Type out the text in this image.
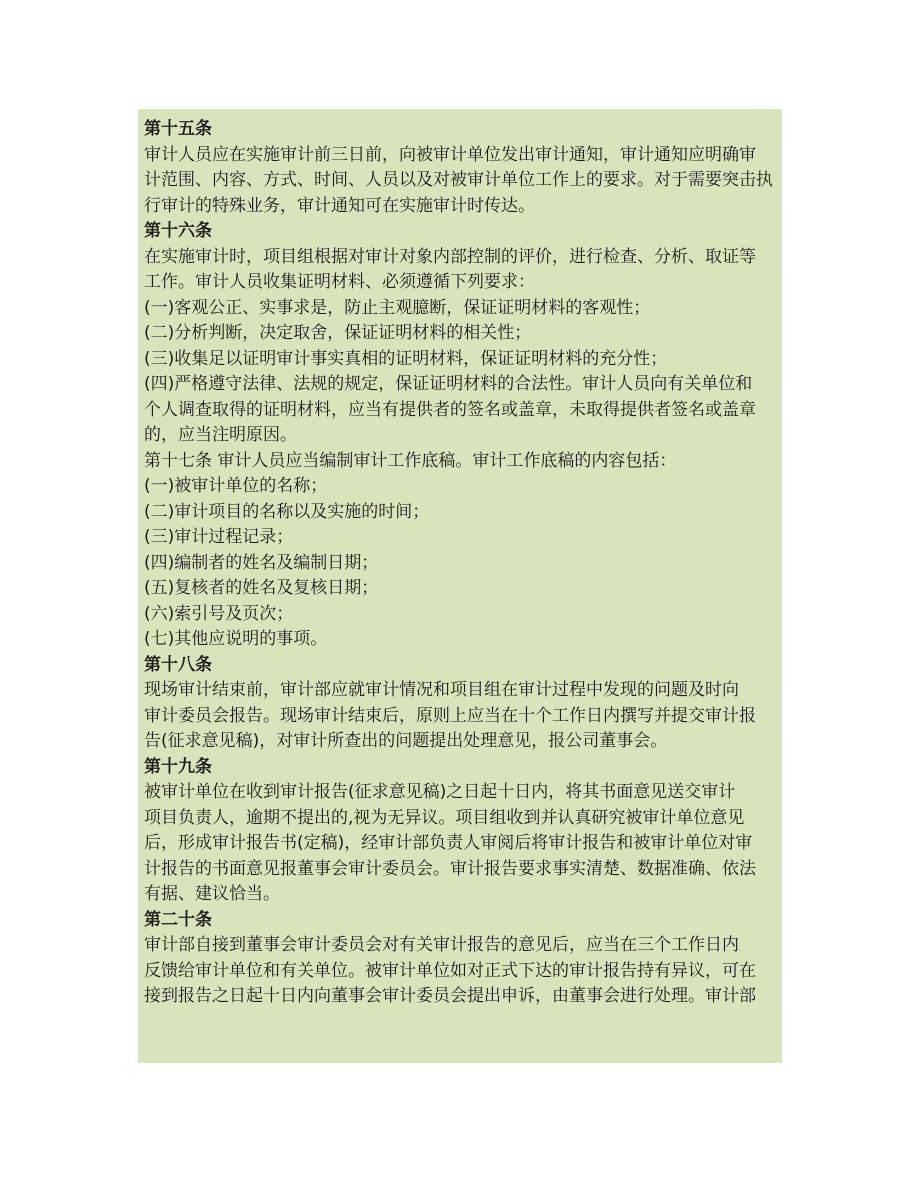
第十五条
审计人员应在实施审计前三日前，向被审计单位发出审计通知，审计通知应明确审
计范围、内容、方式、时间、人员以及对被审计单位工作上的要求。对于需要突击执
行审计的特殊业务，审计通知可在实施审计时传达。
第十六条
在实施审计时，项目组根据对审计对象内部控制的评价，进行检查、分析、取证等
工作。审计人员收集证明材料、必须遵循下列要求：
(一)客观公正、实事求是，防止主观臆断，保证证明材料的客观性；
(二)分析判断，决定取舍，保证证明材料的相关性；
(三)收集足以证明审计事实真相的证明材料，保证证明材料的充分性；
(四)严格遵守法律、法规的规定，保证证明材料的合法性。审计人员向有关单位和
个人调查取得的证明材料，应当有提供者的签名或盖章，未取得提供者签名或盖章
的，应当注明原因。
第十七条 审计人员应当编制审计工作底稿。审计工作底稿的内容包括：
(一)被审计单位的名称；
(二)审计项目的名称以及实施的时间；
(三)审计过程记录；
(四)编制者的姓名及编制日期；
(五)复核者的姓名及复核日期；
(六)索引号及页次；
(七)其他应说明的事项。
第十八条
现场审计结束前，审计部应就审计情况和项目组在审计过程中发现的问题及时向
审计委员会报告。现场审计结束后，原则上应当在十个工作日内撰写并提交审计报
告(征求意见稿)，对审计所查出的问题提出处理意见，报公司董事会。
第十九条
被审计单位在收到审计报告(征求意见稿)之日起十日内，将其书面意见送交审计
项目负责人，逾期不提出的,视为无异议。项目组收到并认真研究被审计单位意见
后，形成审计报告书(定稿)，经审计部负责人审阅后将审计报告和被审计单位对审
计报告的书面意见报董事会审计委员会。审计报告要求事实清楚、数据准确、依法
有据、建议恰当。
第二十条
审计部自接到董事会审计委员会对有关审计报告的意见后，应当在三个工作日内
反馈给审计单位和有关单位。被审计单位如对正式下达的审计报告持有异议，可在
接到报告之日起十日内向董事会审计委员会提出申诉，由董事会进行处理。审计部
